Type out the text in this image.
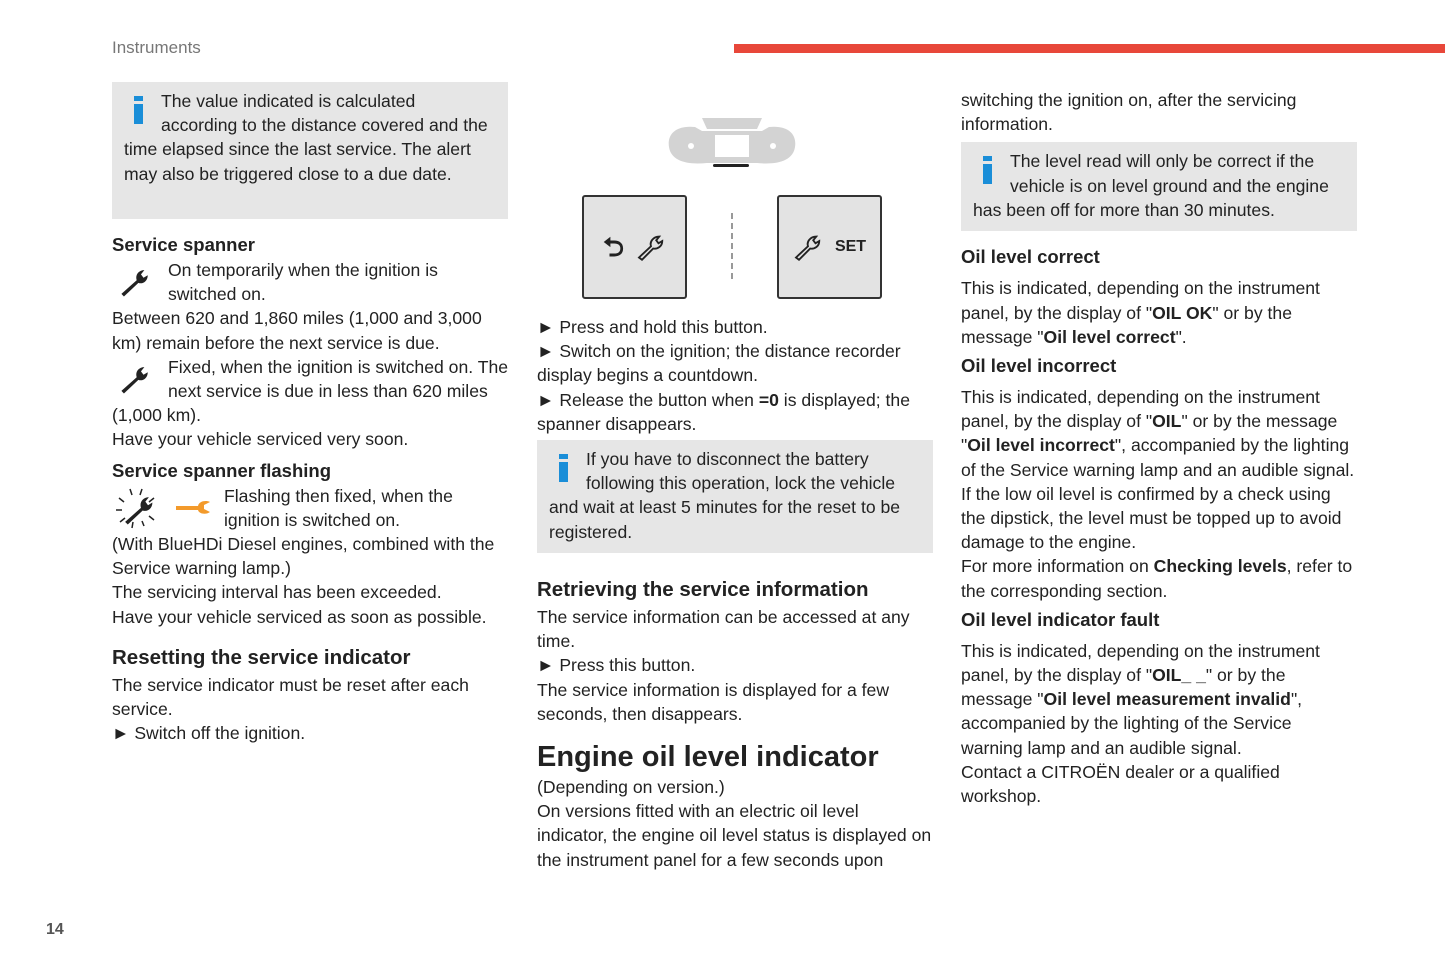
Instruments
14
The value indicated is calculated according to the distance covered and the time elapsed since the last service. The alert may also be triggered close to a due date.
Service spanner

On temporarily when the ignition is switched on.

Between 620 and 1,860 miles (1,000 and 3,000 km) remain before the next service is due.

Fixed, when the ignition is switched on. The next service is due in less than 620 miles (1,000 km).

Have your vehicle serviced very soon.

Service spanner flashing

Flashing then fixed, when the ignition is switched on.

(With BlueHDi Diesel engines, combined with the Service warning lamp.)

The servicing interval has been exceeded.

Have your vehicle serviced as soon as possible.

Resetting the service indicator

The service indicator must be reset after each service.

► Switch off the ignition.

⮌	SET

► Press and hold this button.

► Switch on the ignition; the distance recorder display begins a countdown.

► Release the button when =0 is displayed; the spanner disappears.

If you have to disconnect the battery following this operation, lock the vehicle and wait at least 5 minutes for the reset to be registered.
Retrieving the service information

The service information can be accessed at any time.

► Press this button.

The service information is displayed for a few seconds, then disappears.

Engine oil level indicator

(Depending on version.)

On versions fitted with an electric oil level indicator, the engine oil level status is displayed on the instrument panel for a few seconds upon

switching the ignition on, after the servicing information.

The level read will only be correct if the vehicle is on level ground and the engine has been off for more than 30 minutes.
Oil level correct

This is indicated, depending on the instrument panel, by the display of "OIL OK" or by the message "Oil level correct".

Oil level incorrect

This is indicated, depending on the instrument panel, by the display of "OIL" or by the message "Oil level incorrect", accompanied by the lighting of the Service warning lamp and an audible signal.

If the low oil level is confirmed by a check using the dipstick, the level must be topped up to avoid damage to the engine.

For more information on Checking levels, refer to the corresponding section.

Oil level indicator fault

This is indicated, depending on the instrument panel, by the display of "OIL_ _" or by the message "Oil level measurement invalid", accompanied by the lighting of the Service warning lamp and an audible signal.

Contact a CITROËN dealer or a qualified workshop.
